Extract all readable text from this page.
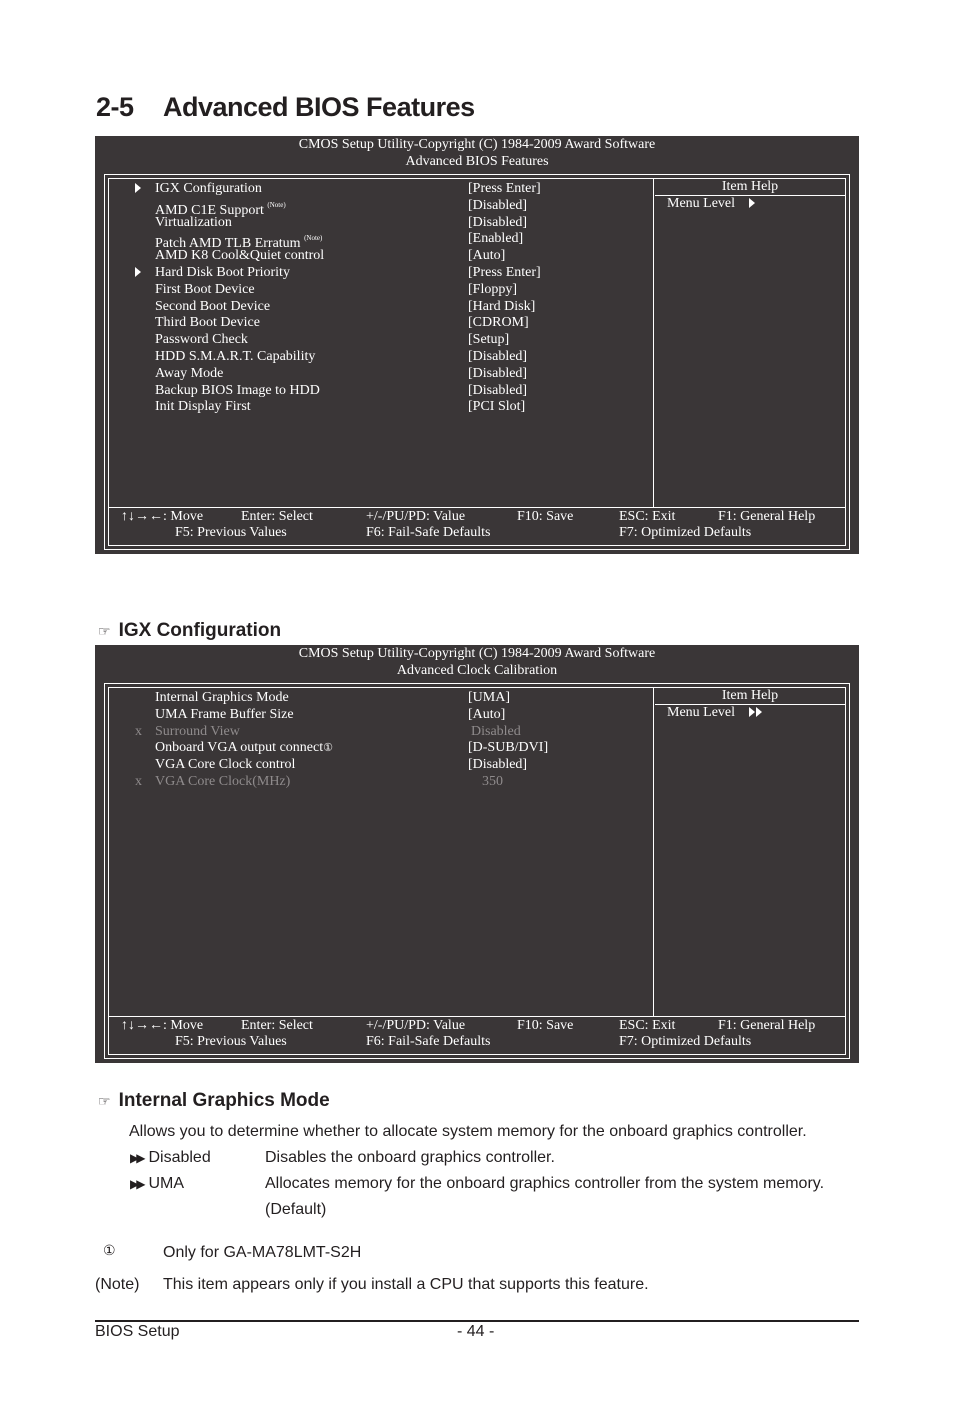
2-5 Advanced BIOS Features
CMOS Setup Utility-Copyright (C) 1984-2009 Award Software
Advanced BIOS Features
Item Help
Menu Level
IGX Configuration	[Press Enter]
AMD C1E Support $^{(Note)}$	[Disabled]
Virtualization	[Disabled]
Patch AMD TLB Erratum $^{(Note)}$	[Enabled]
AMD K8 Cool&Quiet control	[Auto]
Hard Disk Boot Priority	[Press Enter]
First Boot Device	[Floppy]
Second Boot Device	[Hard Disk]
Third Boot Device	[CDROM]
Password Check	[Setup]
HDD S.M.A.R.T. Capability	[Disabled]
Away Mode	[Disabled]
Backup BIOS Image to HDD	[Disabled]
Init Display First	[PCI Slot]
↑↓→←: Move	Enter: Select	+/-/PU/PD: Value	F10: Save	ESC: Exit	F1: General Help
F5: Previous Values	F6: Fail-Safe Defaults	F7: Optimized Defaults
☞ IGX Configuration
CMOS Setup Utility-Copyright (C) 1984-2009 Award Software
Advanced Clock Calibration
Item Help
Menu Level
Internal Graphics Mode	[UMA]
UMA Frame Buffer Size	[Auto]
x Surround View	Disabled
Onboard VGA output connect①	[D-SUB/DVI]
VGA Core Clock control	[Disabled]
x VGA Core Clock(MHz)	350
↑↓→←: Move	Enter: Select	+/-/PU/PD: Value	F10: Save	ESC: Exit	F1: General Help
F5: Previous Values	F6: Fail-Safe Defaults	F7: Optimized Defaults
☞ Internal Graphics Mode
Allows you to determine whether to allocate system memory for the onboard graphics controller.
▶▶ Disabled	Disables the onboard graphics controller.
▶▶ UMA	Allocates memory for the onboard graphics controller from the system memory.
(Default)
①	Only for GA-MA78LMT-S2H
(Note) This item appears only if you install a CPU that supports this feature.
BIOS Setup	- 44 -
